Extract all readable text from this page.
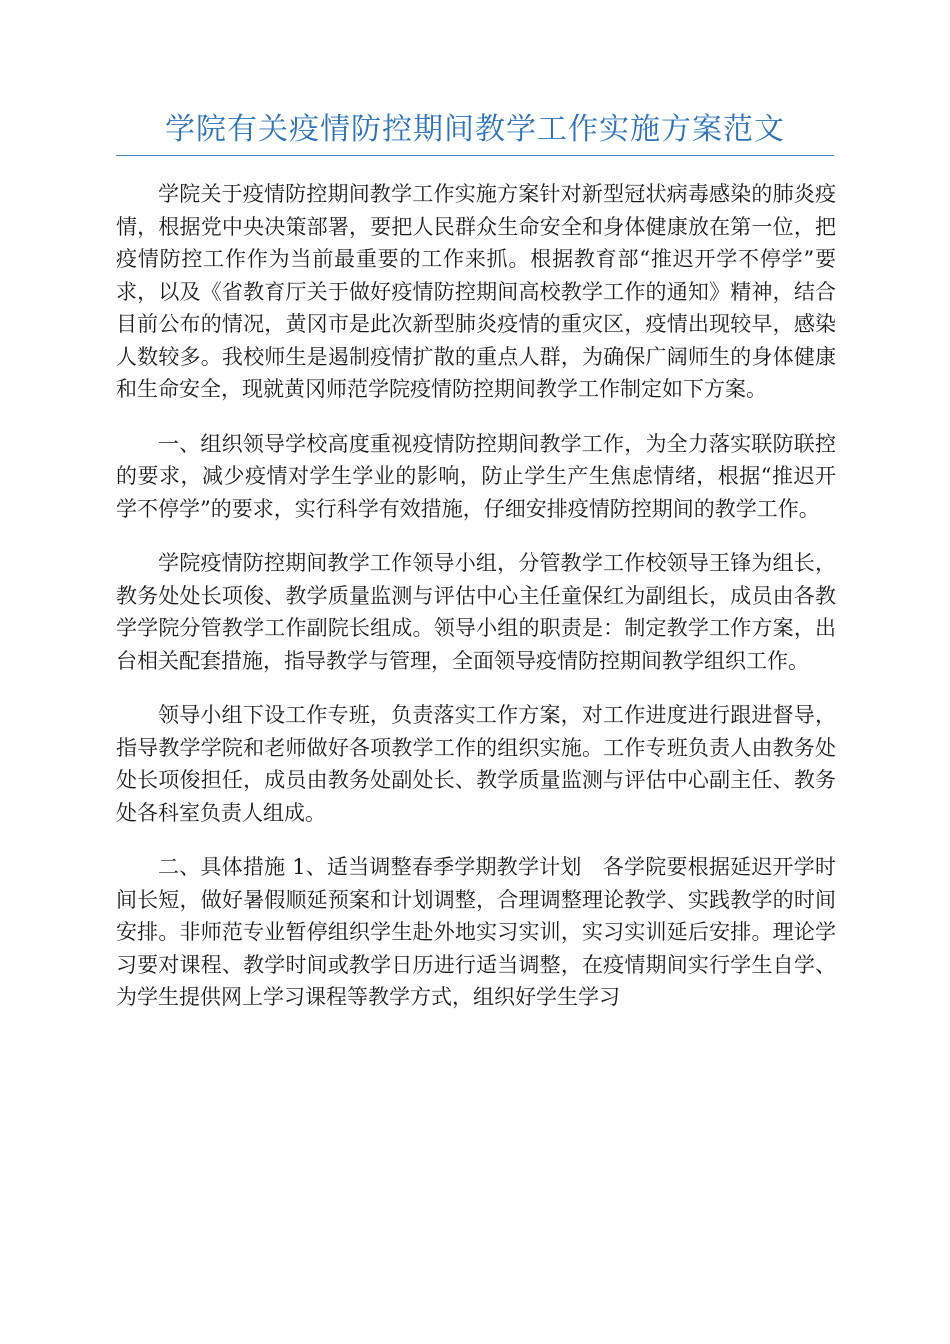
学院有关疫情防控期间教学工作实施方案范文

学院关于疫情防控期间教学工作实施方案针对新型冠状病毒感染的肺炎疫情，根据党中央决策部署，要把人民群众生命安全和身体健康放在第一位，把疫情防控工作作为当前最重要的工作来抓。根据教育部“推迟开学不停学”要求，以及《省教育厅关于做好疫情防控期间高校教学工作的通知》精神，结合目前公布的情况，黄冈市是此次新型肺炎疫情的重灾区，疫情出现较早，感染人数较多。我校师生是遏制疫情扩散的重点人群，为确保广阔师生的身体健康和生命安全，现就黄冈师范学院疫情防控期间教学工作制定如下方案。

一、组织领导学校高度重视疫情防控期间教学工作，为全力落实联防联控的要求，减少疫情对学生学业的影响，防止学生产生焦虑情绪，根据“推迟开学不停学”的要求，实行科学有效措施，仔细安排疫情防控期间的教学工作。

学院疫情防控期间教学工作领导小组，分管教学工作校领导王锋为组长，教务处处长项俊、教学质量监测与评估中心主任童保红为副组长，成员由各教学学院分管教学工作副院长组成。领导小组的职责是：制定教学工作方案，出台相关配套措施，指导教学与管理，全面领导疫情防控期间教学组织工作。

领导小组下设工作专班，负责落实工作方案，对工作进度进行跟进督导，指导教学学院和老师做好各项教学工作的组织实施。工作专班负责人由教务处处长项俊担任，成员由教务处副处长、教学质量监测与评估中心副主任、教务处各科室负责人组成。

二、具体措施 1、适当调整春季学期教学计划　各学院要根据延迟开学时间长短，做好暑假顺延预案和计划调整，合理调整理论教学、实践教学的时间安排。非师范专业暂停组织学生赴外地实习实训，实习实训延后安排。理论学习要对课程、教学时间或教学日历进行适当调整，在疫情期间实行学生自学、为学生提供网上学习课程等教学方式，组织好学生学习
